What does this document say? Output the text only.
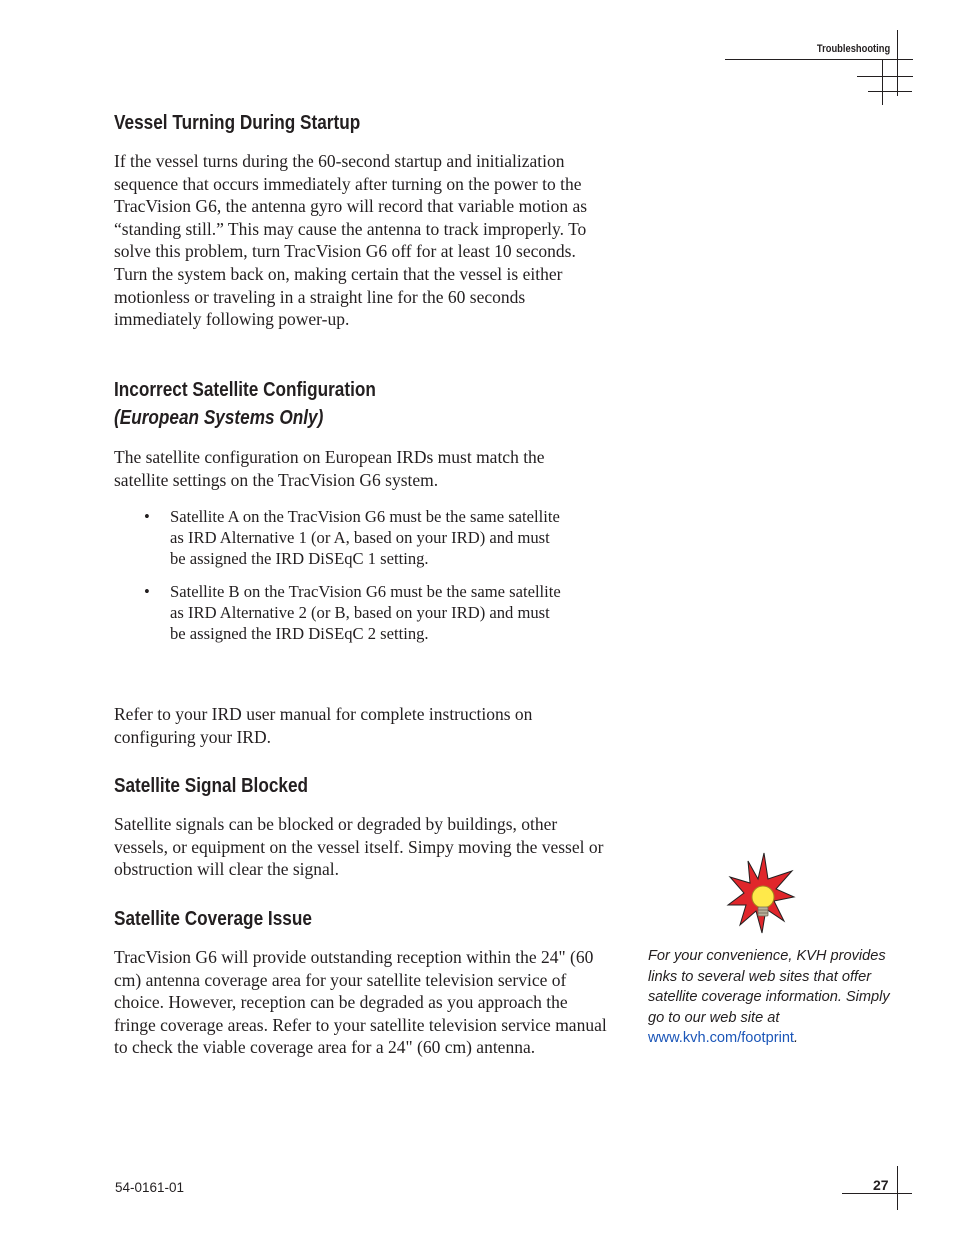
Troubleshooting
Vessel Turning During Startup

If the vessel turns during the 60-second startup and initialization sequence that occurs immediately after turning on the power to the TracVision G6, the antenna gyro will record that variable motion as “standing still.” This may cause the antenna to track improperly. To solve this problem, turn TracVision G6 off for at least 10 seconds. Turn the system back on, making certain that the vessel is either motionless or traveling in a straight line for the 60 seconds immediately following power-up.

Incorrect Satellite Configuration
(European Systems Only)

The satellite configuration on European IRDs must match the satellite settings on the TracVision G6 system.

• Satellite A on the TracVision G6 must be the same satellite as IRD Alternative 1 (or A, based on your IRD) and must be assigned the IRD DiSEqC 1 setting.
• Satellite B on the TracVision G6 must be the same satellite as IRD Alternative 2 (or B, based on your IRD) and must be assigned the IRD DiSEqC 2 setting.

Refer to your IRD user manual for complete instructions on configuring your IRD.

Satellite Signal Blocked

Satellite signals can be blocked or degraded by buildings, other vessels, or equipment on the vessel itself. Simpy moving the vessel or obstruction will clear the signal.

Satellite Coverage Issue

TracVision G6 will provide outstanding reception within the 24" (60 cm) antenna coverage area for your satellite television service of choice. However, reception can be degraded as you approach the fringe coverage areas. Refer to your satellite television service manual to check the viable coverage area for a 24" (60 cm) antenna.

For your convenience, KVH provides links to several web sites that offer satellite coverage information. Simply go to our web site at www.kvh.com/footprint.
54-0161-01	27
